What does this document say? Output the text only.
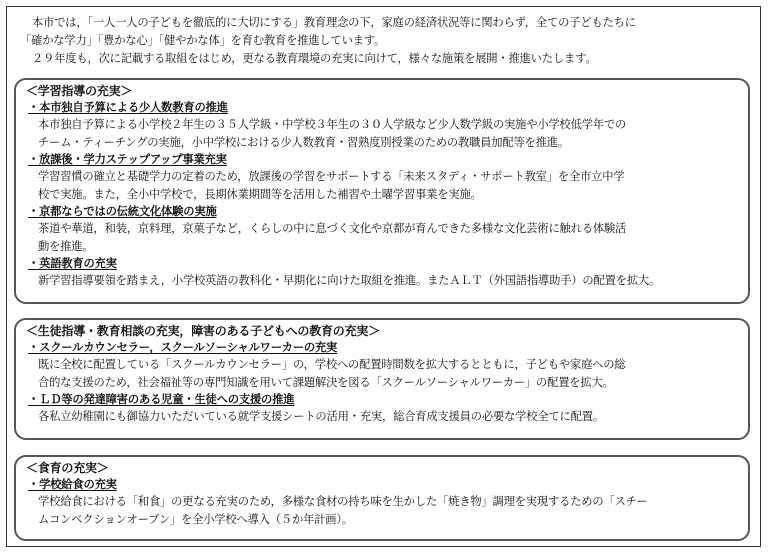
本市では，「一人一人の子どもを徹底的に大切にする」教育理念の下，家庭の経済状況等に関わらず，全ての子どもたちに

「確かな学力」「豊かな心」「健やかな体」を育む教育を推進しています。

２９年度も，次に記載する取組をはじめ，更なる教育環境の充実に向けて，様々な施策を展開・推進いたします。

＜学習指導の充実＞
・本市独自予算による少人数教育の推進

本市独自予算による小学校２年生の３５人学級・中学校３年生の３０人学級など少人数学級の実施や小学校低学年での

チーム・ティーチングの実施，小中学校における少人数教育・習熟度別授業のための教職員加配等を推進。

・放課後・学力ステップアップ事業充実

学習習慣の確立と基礎学力の定着のため，放課後の学習をサポートする「未来スタディ・サポート教室」を全市立中学

校で実施。また，全小中学校で，長期休業期間等を活用した補習や土曜学習事業を実施。

・京都ならではの伝統文化体験の実施

茶道や華道，和装，京料理，京菓子など，くらしの中に息づく文化や京都が育んできた多様な文化芸術に触れる体験活

動を推進。

・英語教育の充実

新学習指導要領を踏まえ，小学校英語の教科化・早期化に向けた取組を推進。またＡＬＴ（外国語指導助手）の配置を拡大。

＜生徒指導・教育相談の充実，障害のある子どもへの教育の充実＞
・スクールカウンセラー，スクールソーシャルワーカーの充実

既に全校に配置している「スクールカウンセラー」の，学校への配置時間数を拡大するとともに，子どもや家庭への総

合的な支援のため，社会福祉等の専門知識を用いて課題解決を図る「スクールソーシャルワーカー」の配置を拡大。

・ＬＤ等の発達障害のある児童・生徒への支援の推進

各私立幼稚園にも御協力いただいている就学支援シートの活用・充実，総合育成支援員の必要な学校全てに配置。

＜食育の充実＞
・学校給食の充実

学校給食における「和食」の更なる充実のため，多様な食材の持ち味を生かした「焼き物」調理を実現するための「スチー

ムコンベクションオーブン」を全小学校へ導入（５か年計画）。
